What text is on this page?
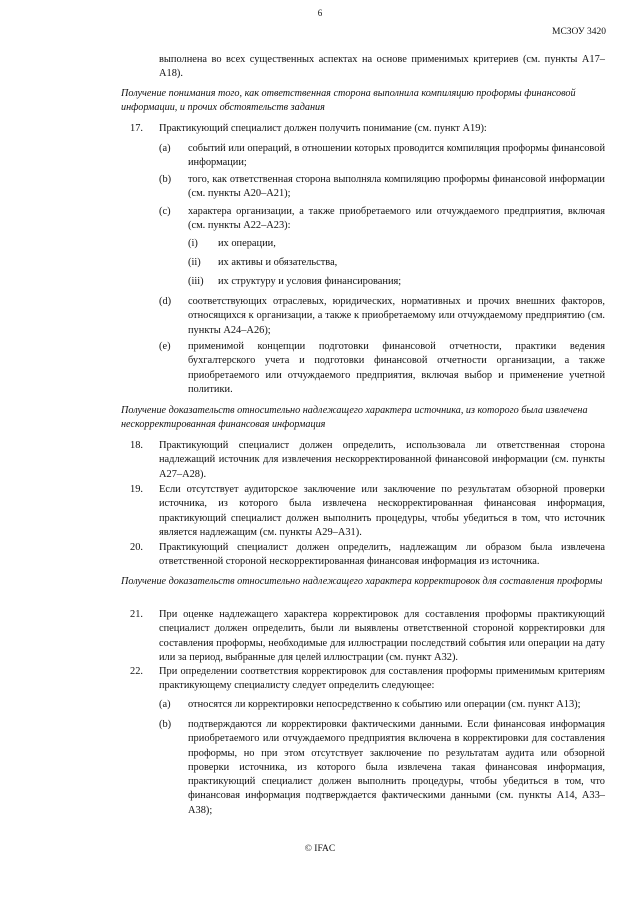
6
МСЗОУ 3420
выполнена во всех существенных аспектах на основе применимых критериев (см. пункты A17–A18).
Получение понимания того, как ответственная сторона выполнила компиляцию проформы финансовой информации, и прочих обстоятельств задания
17. Практикующий специалист должен получить понимание (см. пункт A19):
(a) событий или операций, в отношении которых проводится компиляция проформы финансовой информации;
(b) того, как ответственная сторона выполняла компиляцию проформы финансовой информации (см. пункты A20–A21);
(c) характера организации, а также приобретаемого или отчуждаемого предприятия, включая (см. пункты A22–A23):
(i) их операции,
(ii) их активы и обязательства,
(iii) их структуру и условия финансирования;
(d) соответствующих отраслевых, юридических, нормативных и прочих внешних факторов, относящихся к организации, а также к приобретаемому или отчуждаемому предприятию (см. пункты A24–A26);
(e) применимой концепции подготовки финансовой отчетности, практики ведения бухгалтерского учета и подготовки финансовой отчетности организации, а также приобретаемого или отчуждаемого предприятия, включая выбор и применение учетной политики.
Получение доказательств относительно надлежащего характера источника, из которого была извлечена нескорректированная финансовая информация
18. Практикующий специалист должен определить, использовала ли ответственная сторона надлежащий источник для извлечения нескорректированной финансовой информации (см. пункты A27–A28).
19. Если отсутствует аудиторское заключение или заключение по результатам обзорной проверки источника, из которого была извлечена нескорректированная финансовая информация, практикующий специалист должен выполнить процедуры, чтобы убедиться в том, что источник является надлежащим (см. пункты A29–A31).
20. Практикующий специалист должен определить, надлежащим ли образом была извлечена ответственной стороной нескорректированная финансовая информация из источника.
Получение доказательств относительно надлежащего характера корректировок для составления проформы
21. При оценке надлежащего характера корректировок для составления проформы практикующий специалист должен определить, были ли выявлены ответственной стороной корректировки для составления проформы, необходимые для иллюстрации последствий события или операции на дату или за период, выбранные для целей иллюстрации (см. пункт A32).
22. При определении соответствия корректировок для составления проформы применимым критериям практикующему специалисту следует определить следующее:
(a) относятся ли корректировки непосредственно к событию или операции (см. пункт A13);
(b) подтверждаются ли корректировки фактическими данными. Если финансовая информация приобретаемого или отчуждаемого предприятия включена в корректировки для составления проформы, но при этом отсутствует заключение по результатам аудита или обзорной проверки источника, из которого была извлечена такая финансовая информация, практикующий специалист должен выполнить процедуры, чтобы убедиться в том, что финансовая информация подтверждается фактическими данными (см. пункты A14, A33–A38);
© IFAC
